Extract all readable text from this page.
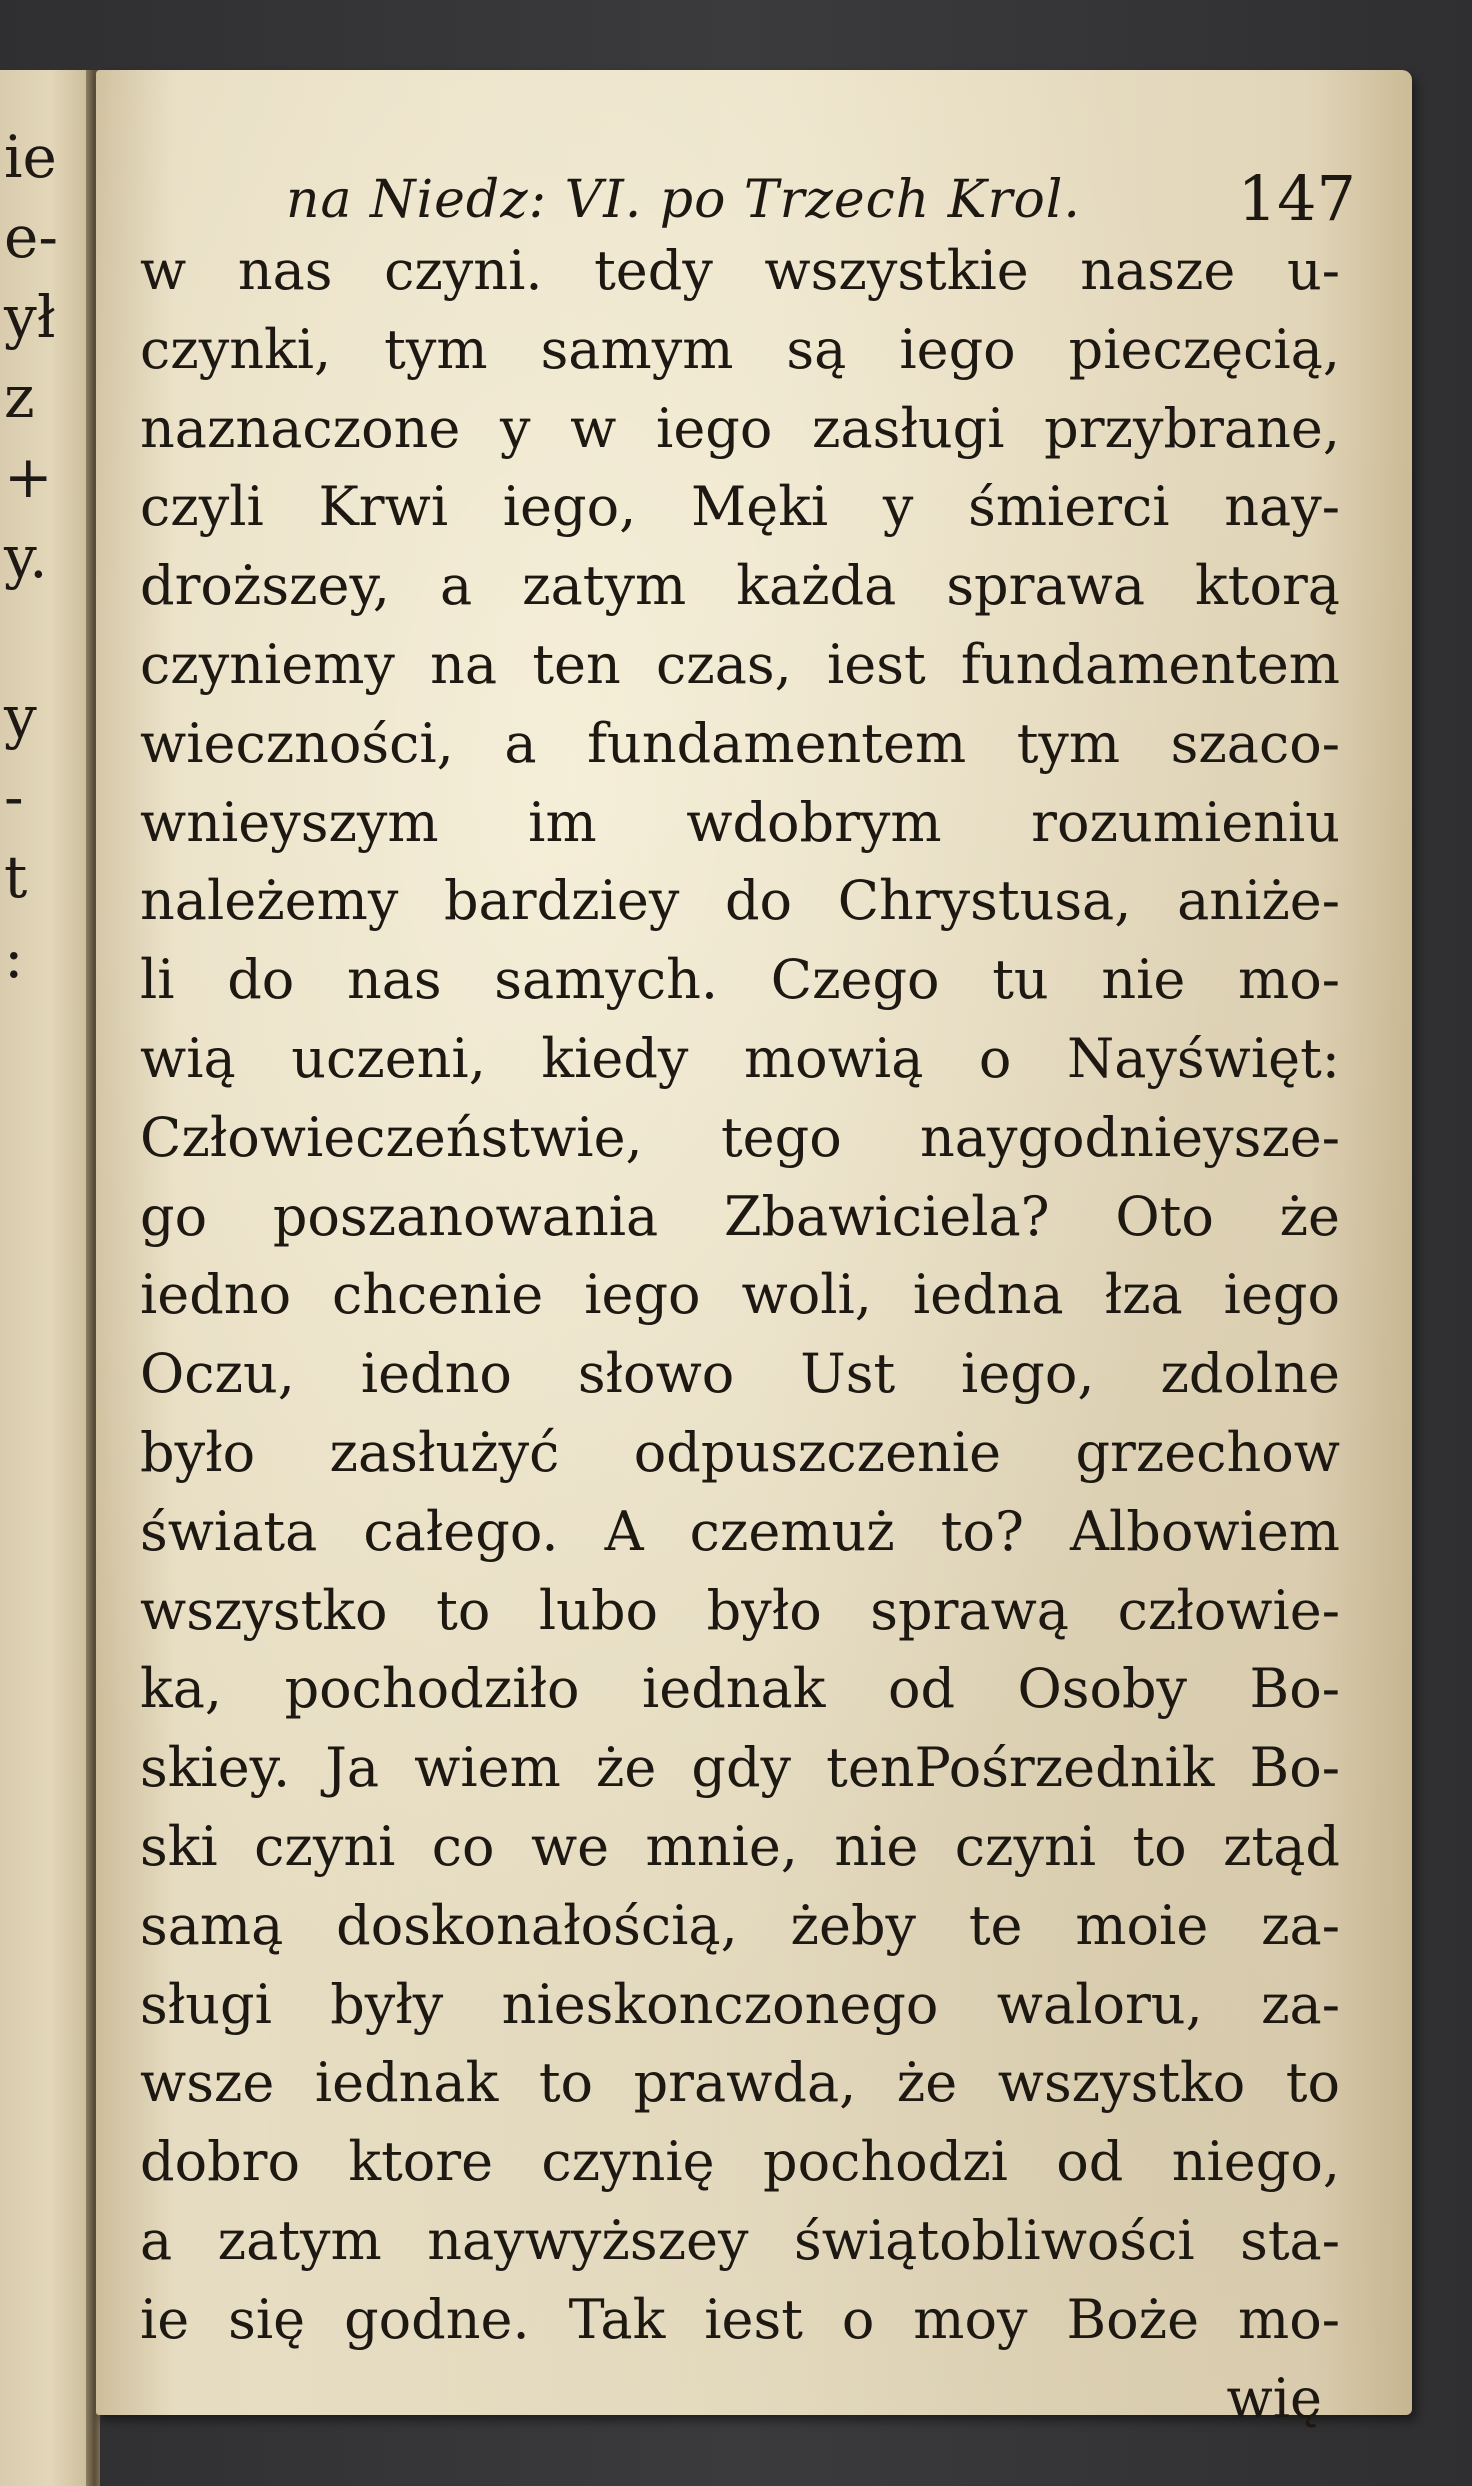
ie
e-
ył
z
+
y.
y
-
t
:
na Niedz: VI. po Trzech Krol.	147
w nas czyni. tedy wszystkie nasze u-
czynki, tym samym są iego pieczęcią,
naznaczone y w iego zasługi przybrane,
czyli Krwi iego, Męki y śmierci nay-
droższey, a zatym każda sprawa ktorą
czyniemy na ten czas, iest fundamentem
wieczności, a fundamentem tym szaco-
wnieyszym im wdobrym rozumieniu
należemy bardziey do Chrystusa, aniże-
li do nas samych. Czego tu nie mo-
wią uczeni, kiedy mowią o Nayświęt:
Człowieczeństwie, tego naygodnieysze-
go poszanowania Zbawiciela? Oto że
iedno chcenie iego woli, iedna łza iego
Oczu, iedno słowo Ust iego, zdolne
było zasłużyć odpuszczenie grzechow
świata całego. A czemuż to? Albowiem
wszystko to lubo było sprawą człowie-
ka, pochodziło iednak od Osoby Bo-
skiey. Ja wiem że gdy tenPośrzednik Bo-
ski czyni co we mnie, nie czyni to ztąd
samą doskonałością, żeby te moie za-
sługi były nieskonczonego waloru, za-
wsze iednak to prawda, że wszystko to
dobro ktore czynię pochodzi od niego,
a zatym naywyższey świątobliwości sta-
ie się godne. Tak iest o moy Boże mo-
wię
